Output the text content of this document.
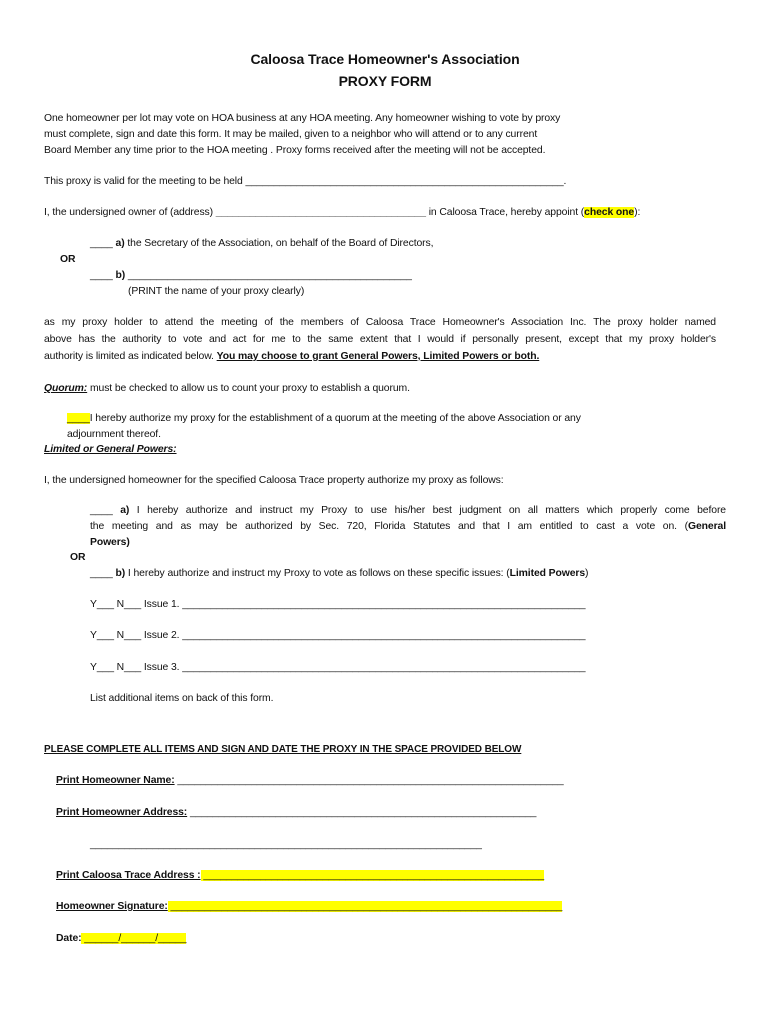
Caloosa Trace Homeowner's Association
PROXY FORM
One homeowner per lot may vote on HOA business at any HOA meeting. Any homeowner wishing to vote by proxy
must complete, sign and date this form. It may be mailed, given to a neighbor who will attend or to any current
Board Member any time prior to the HOA meeting . Proxy forms received after the meeting will not be accepted.
This proxy is valid for the meeting to be held ________________________________________________________.
I, the undersigned owner of (address) _____________________________________ in Caloosa Trace, hereby appoint (check one):
____ a) the Secretary of the Association, on behalf of the Board of Directors,
OR
____ b) __________________________________________________
(PRINT the name of your proxy clearly)
as my proxy holder to attend the meeting of the members of Caloosa Trace Homeowner's Association Inc. The proxy holder named
above has the authority to vote and act for me to the same extent that I would if personally present, except that my proxy holder's
authority is limited as indicated below. You may choose to grant General Powers, Limited Powers or both.
Quorum: must be checked to allow us to count your proxy to establish a quorum.
____I hereby authorize my proxy for the establishment of a quorum at the meeting of the above Association or any
adjournment thereof.
Limited or General Powers:
I, the undersigned homeowner for the specified Caloosa Trace property authorize my proxy as follows:
____ a) I hereby authorize and instruct my Proxy to use his/her best judgment on all matters which properly come before
the meeting and as may be authorized by Sec. 720, Florida Statutes and that I am entitled to cast a vote on. (General
Powers)
OR
____ b) I hereby authorize and instruct my Proxy to vote as follows on these specific issues: (Limited Powers)
Y___ N___ Issue 1. _______________________________________________________________________
Y___ N___ Issue 2. _______________________________________________________________________
Y___ N___ Issue 3. _______________________________________________________________________
List additional items on back of this form.
PLEASE COMPLETE ALL ITEMS AND SIGN AND DATE THE PROXY IN THE SPACE PROVIDED BELOW
Print Homeowner Name: ____________________________________________________________________
Print Homeowner Address: _____________________________________________________________
_____________________________________________________________________
Print Caloosa Trace Address : ____________________________________________________________
Homeowner Signature: _____________________________________________________________________
Date: ______/______/_____
